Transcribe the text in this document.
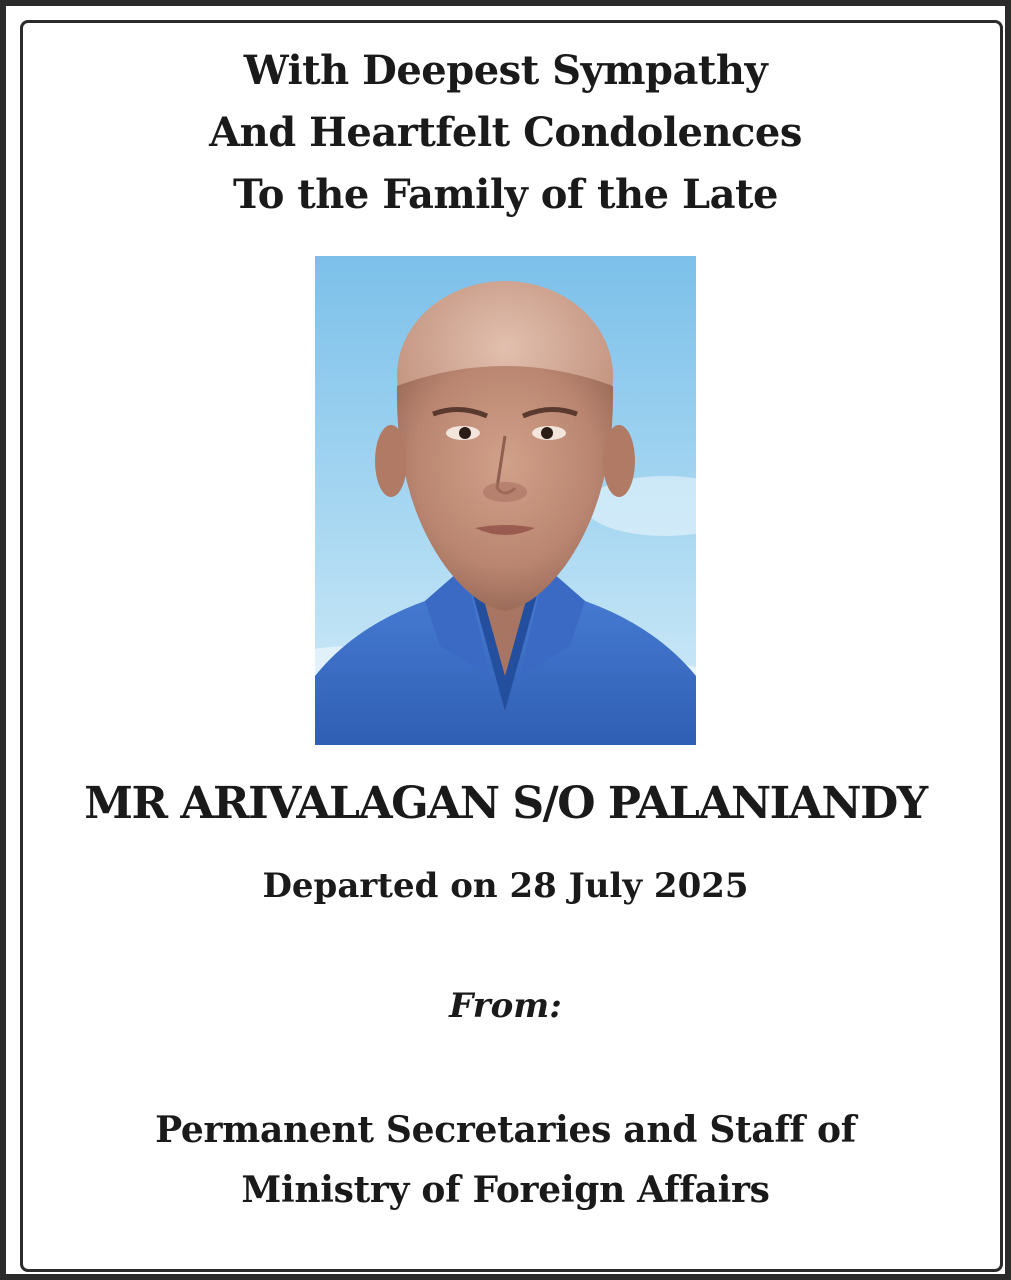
With Deepest Sympathy
And Heartfelt Condolences
To the Family of the Late
MR ARIVALAGAN S/O PALANIANDY
Departed on 28 July 2025
From:
Permanent Secretaries and Staff of
Ministry of Foreign Affairs
